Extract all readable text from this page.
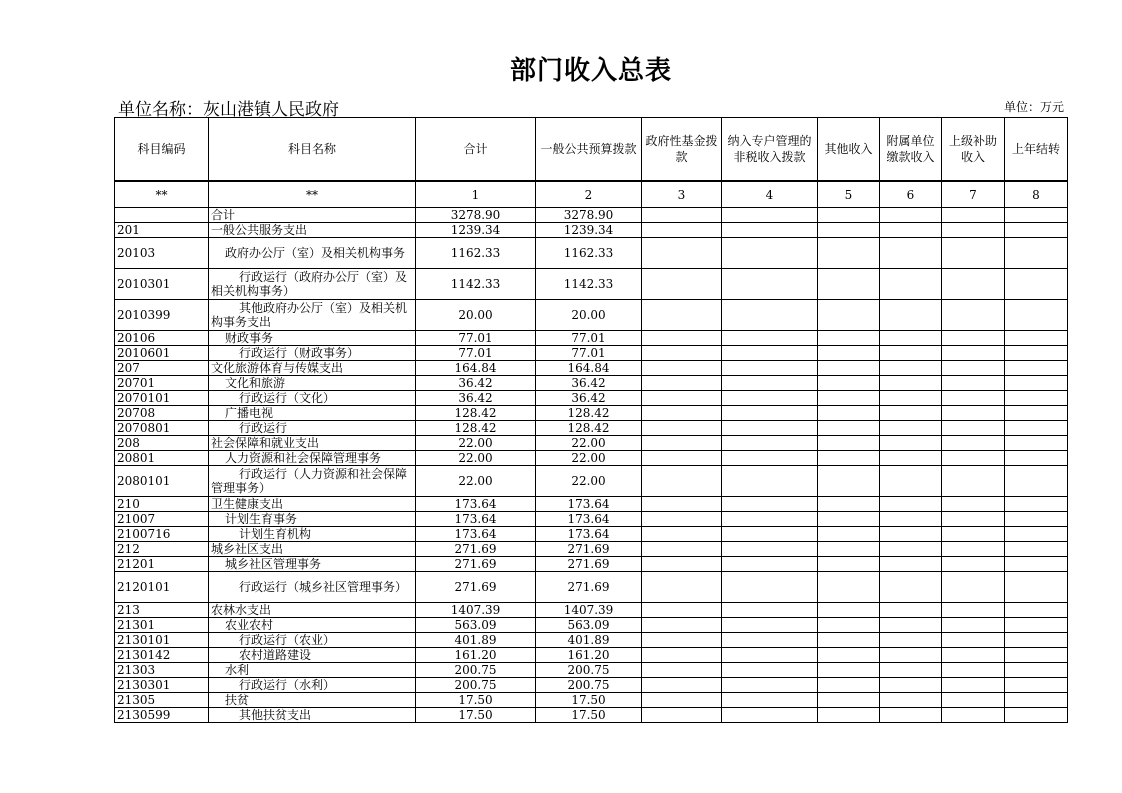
部门收入总表
单位名称：灰山港镇人民政府	单位：万元
科目编码	科目名称	合计	一般公共预算拨款	政府性基金拨款	纳入专户管理的非税收入拨款	其他收入	附属单位缴款收入	上级补助收入	上年结转
**	**	1	2	3	4	5	6	7	8
	合计	3278.90	3278.90						
201	一般公共服务支出	1239.34	1239.34						
20103	政府办公厅（室）及相关机构事务	1162.33	1162.33						
2010301	行政运行（政府办公厅（室）及相关机构事务）	1142.33	1142.33						
2010399	其他政府办公厅（室）及相关机构事务支出	20.00	20.00						
20106	财政事务	77.01	77.01						
2010601	行政运行（财政事务）	77.01	77.01						
207	文化旅游体育与传媒支出	164.84	164.84						
20701	文化和旅游	36.42	36.42						
2070101	行政运行（文化）	36.42	36.42						
20708	广播电视	128.42	128.42						
2070801	行政运行	128.42	128.42						
208	社会保障和就业支出	22.00	22.00						
20801	人力资源和社会保障管理事务	22.00	22.00						
2080101	行政运行（人力资源和社会保障管理事务）	22.00	22.00						
210	卫生健康支出	173.64	173.64						
21007	计划生育事务	173.64	173.64						
2100716	计划生育机构	173.64	173.64						
212	城乡社区支出	271.69	271.69						
21201	城乡社区管理事务	271.69	271.69						
2120101	行政运行（城乡社区管理事务）	271.69	271.69						
213	农林水支出	1407.39	1407.39						
21301	农业农村	563.09	563.09						
2130101	行政运行（农业）	401.89	401.89						
2130142	农村道路建设	161.20	161.20						
21303	水利	200.75	200.75						
2130301	行政运行（水利）	200.75	200.75						
21305	扶贫	17.50	17.50						
2130599	其他扶贫支出	17.50	17.50						
